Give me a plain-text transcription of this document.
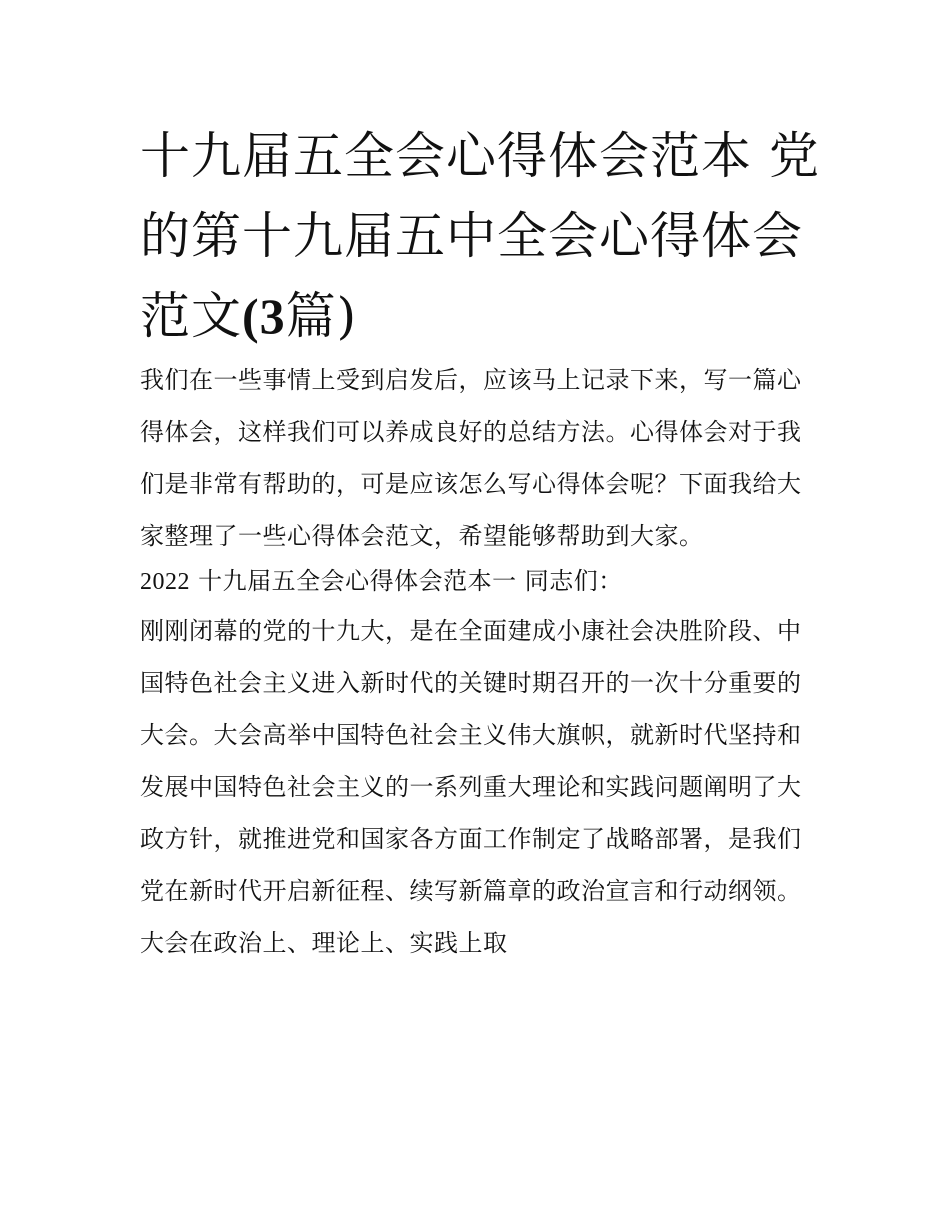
十九届五全会心得体会范本 党的第十九届五中全会心得体会范文(3篇)

我们在一些事情上受到启发后，应该马上记录下来，写一篇心得体会，这样我们可以养成良好的总结方法。心得体会对于我们是非常有帮助的，可是应该怎么写心得体会呢？下面我给大家整理了一些心得体会范文，希望能够帮助到大家。

2022 十九届五全会心得体会范本一 同志们：

刚刚闭幕的党的十九大，是在全面建成小康社会决胜阶段、中国特色社会主义进入新时代的关键时期召开的一次十分重要的大会。大会高举中国特色社会主义伟大旗帜，就新时代坚持和发展中国特色社会主义的一系列重大理论和实践问题阐明了大政方针，就推进党和国家各方面工作制定了战略部署，是我们党在新时代开启新征程、续写新篇章的政治宣言和行动纲领。大会在政治上、理论上、实践上取
